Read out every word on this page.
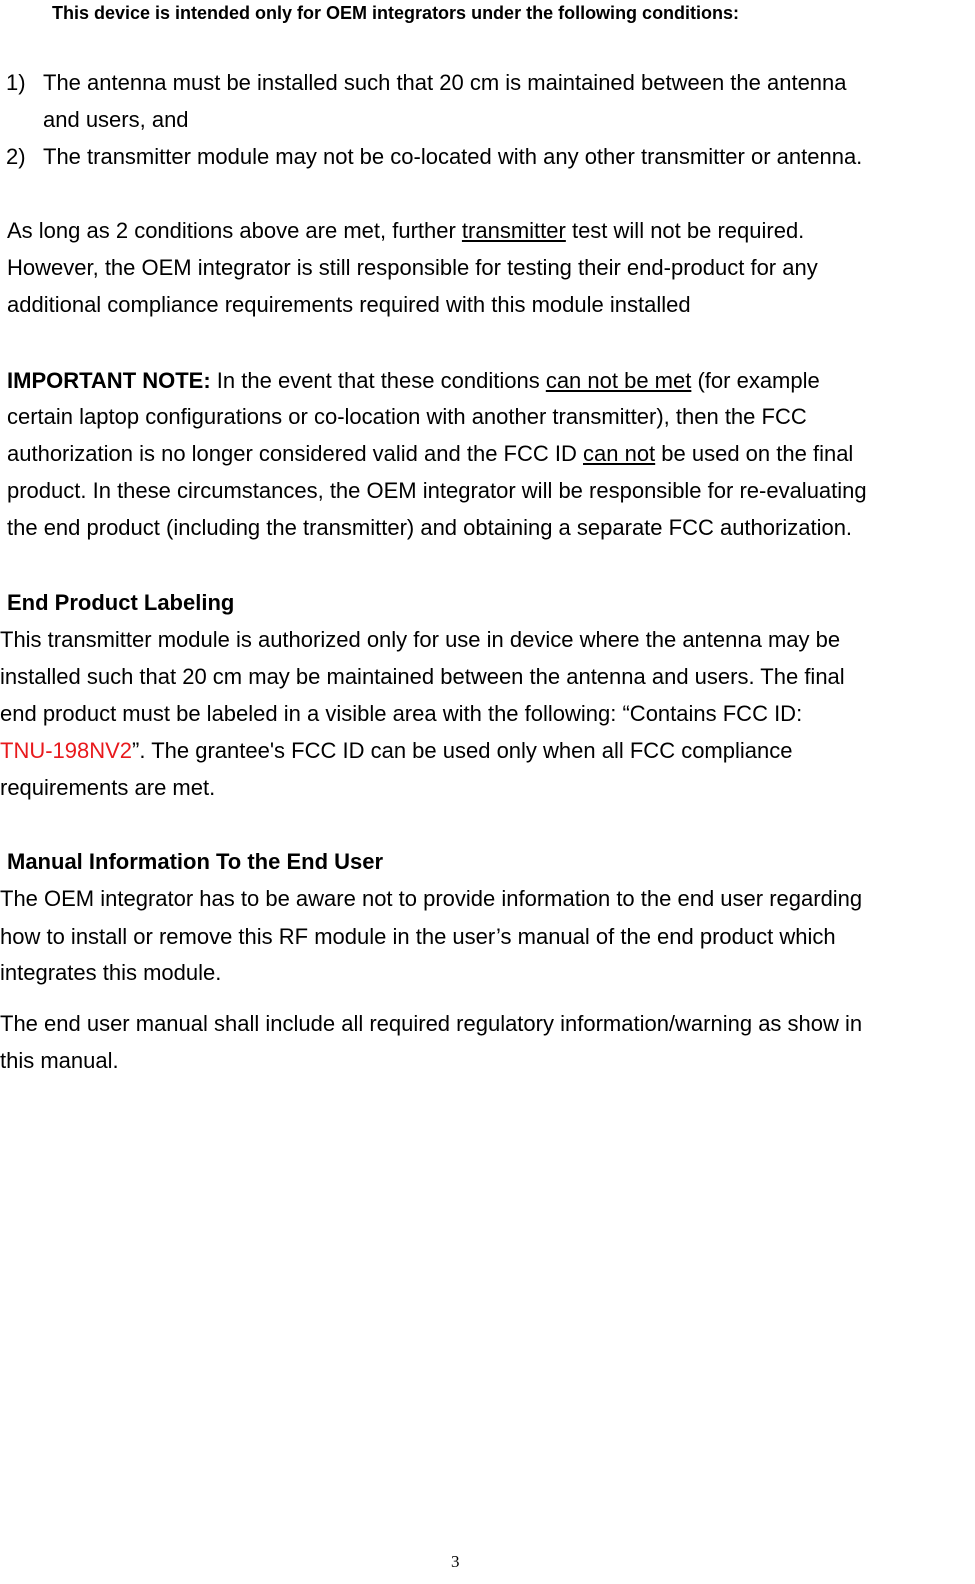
This device is intended only for OEM integrators under the following conditions:

1) The antenna must be installed such that 20 cm is maintained between the antenna
and users, and
2) The transmitter module may not be co-located with any other transmitter or antenna.

As long as 2 conditions above are met, further transmitter test will not be required.

However, the OEM integrator is still responsible for testing their end-product for any

additional compliance requirements required with this module installed

IMPORTANT NOTE: In the event that these conditions can not be met (for example

certain laptop configurations or co-location with another transmitter), then the FCC

authorization is no longer considered valid and the FCC ID can not be used on the final

product. In these circumstances, the OEM integrator will be responsible for re-evaluating

the end product (including the transmitter) and obtaining a separate FCC authorization.

End Product Labeling

This transmitter module is authorized only for use in device where the antenna may be

installed such that 20 cm may be maintained between the antenna and users. The final

end product must be labeled in a visible area with the following: “Contains FCC ID:

TNU-198NV2”. The grantee's FCC ID can be used only when all FCC compliance

requirements are met.

Manual Information To the End User

The OEM integrator has to be aware not to provide information to the end user regarding

how to install or remove this RF module in the user’s manual of the end product which

integrates this module.

The end user manual shall include all required regulatory information/warning as show in

this manual.

3
